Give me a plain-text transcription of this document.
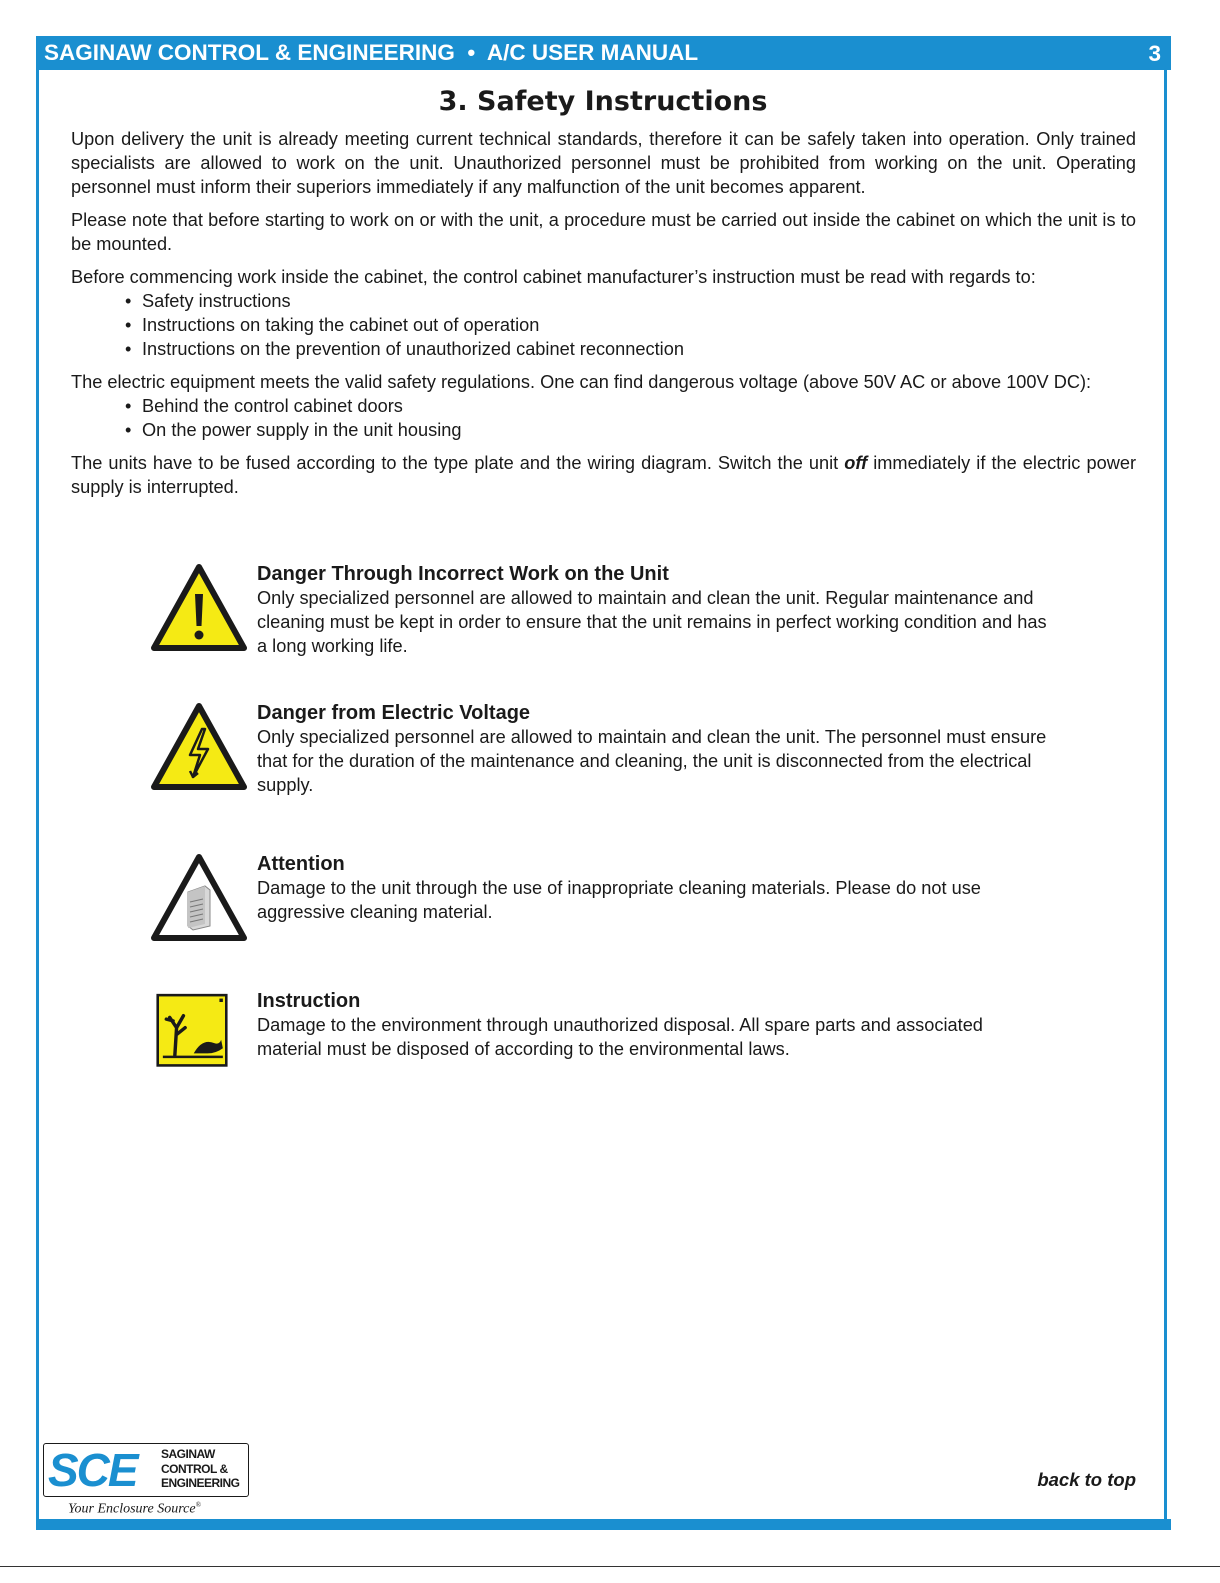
SAGINAW CONTROL & ENGINEERING  •  A/C USER MANUAL	3
3. Safety Instructions

Upon delivery the unit is already meeting current technical standards, therefore it can be safely taken into operation. Only trained specialists are allowed to work on the unit. Unauthorized personnel must be prohibited from working on the unit. Operating personnel must inform their superiors immediately if any malfunction of the unit becomes apparent.

Please note that before starting to work on or with the unit, a procedure must be carried out inside the cabinet on which the unit is to be mounted.

Before commencing work inside the cabinet, the control cabinet manufacturer’s instruction must be read with regards to:

• Safety instructions
• Instructions on taking the cabinet out of operation
• Instructions on the prevention of unauthorized cabinet reconnection

The electric equipment meets the valid safety regulations. One can find dangerous voltage (above 50V AC or above 100V DC):

• Behind the control cabinet doors
• On the power supply in the unit housing

The units have to be fused according to the type plate and the wiring diagram. Switch the unit off immediately if the electric power supply is interrupted.

Danger Through Incorrect Work on the Unit
Only specialized personnel are allowed to maintain and clean the unit. Regular maintenance and cleaning must be kept in order to ensure that the unit remains in perfect working condition and has a long working life.
Danger from Electric Voltage
Only specialized personnel are allowed to maintain and clean the unit. The personnel must ensure that for the duration of the maintenance and cleaning, the unit is disconnected from the electrical supply.
Attention
Damage to the unit through the use of inappropriate cleaning materials. Please do not use aggressive cleaning material.
Instruction
Damage to the environment through unauthorized disposal. All spare parts and associated material must be disposed of according to the environmental laws.
SCE SAGINAW
CONTROL &
ENGINEERING
Your Enclosure Source®
back to top
